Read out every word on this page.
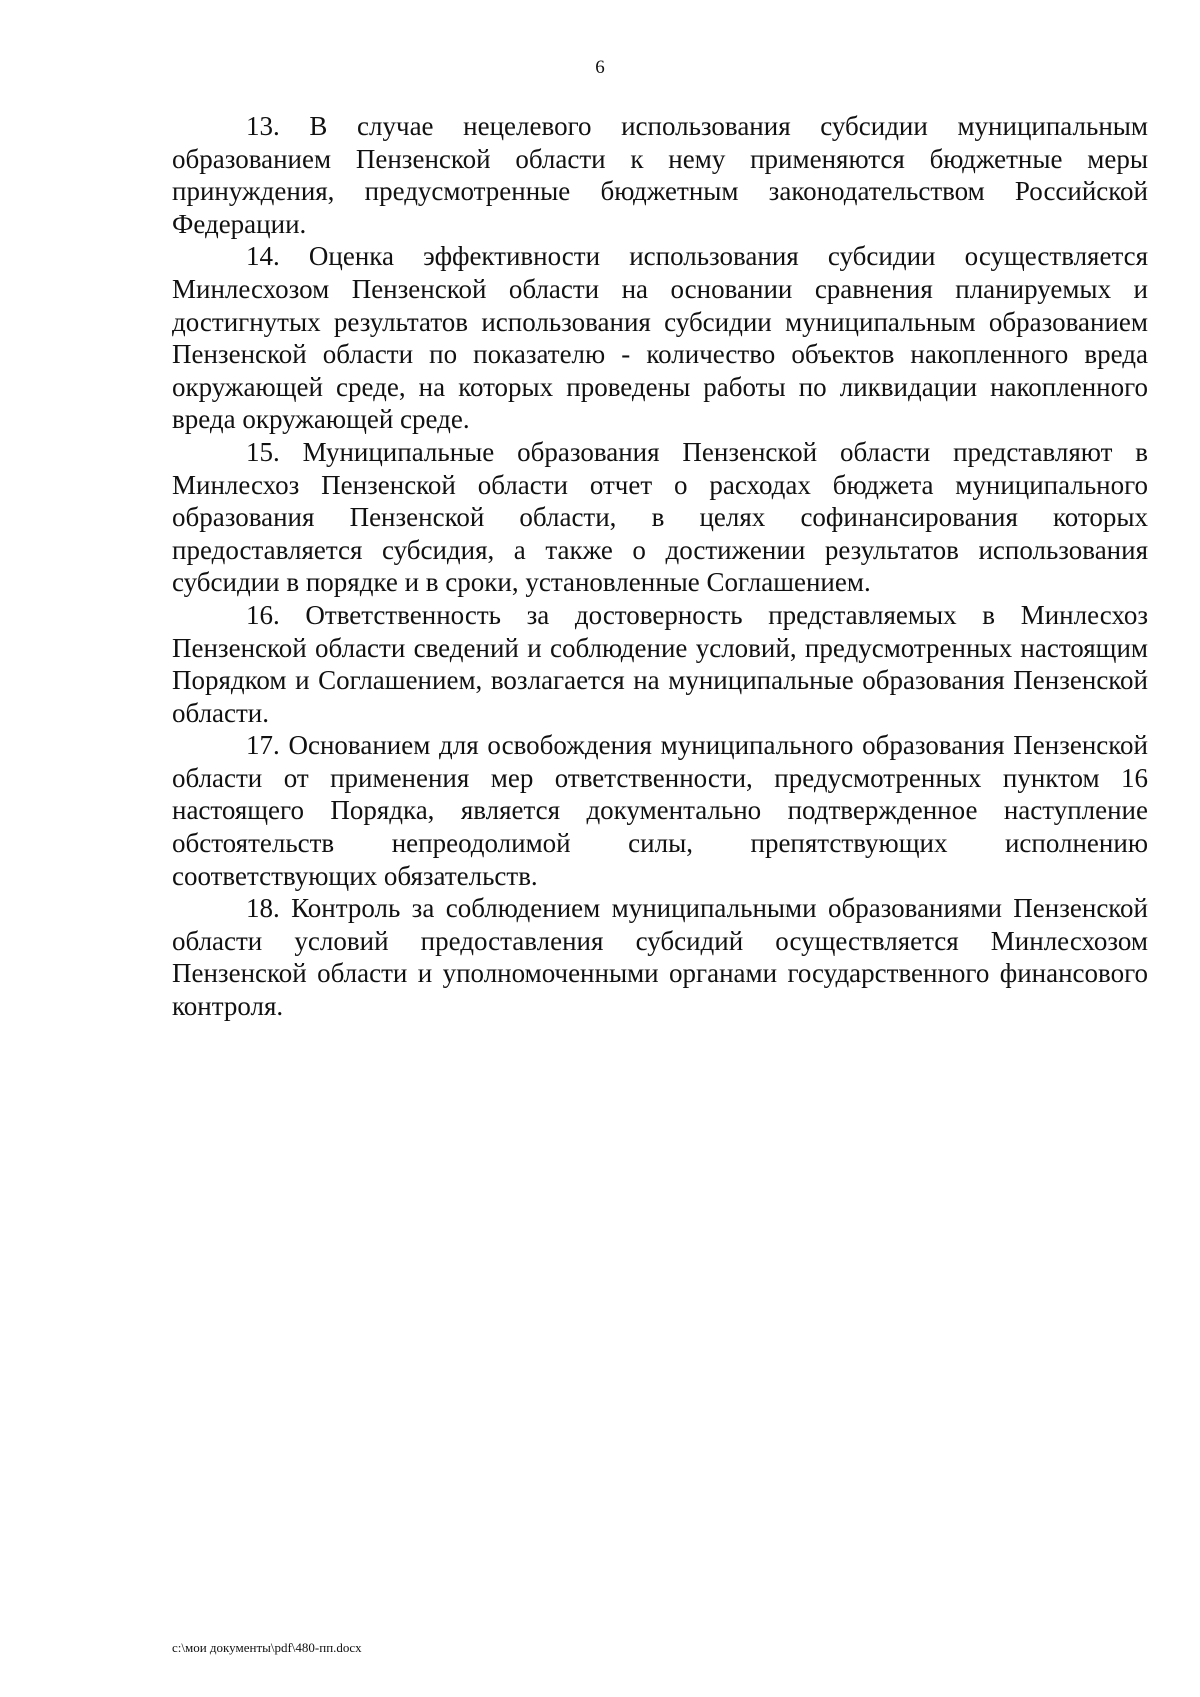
6

13. В случае нецелевого использования субсидии муниципальным образованием Пензенской области к нему применяются бюджетные меры принуждения, предусмотренные бюджетным законодательством Российской Федерации.

14. Оценка эффективности использования субсидии осуществляется Минлесхозом Пензенской области на основании сравнения планируемых и достигнутых результатов использования субсидии муниципальным образованием Пензенской области по показателю - количество объектов накопленного вреда окружающей среде, на которых проведены работы по ликвидации накопленного вреда окружающей среде.

15. Муниципальные образования Пензенской области представляют в Минлесхоз Пензенской области отчет о расходах бюджета муниципального образования Пензенской области, в целях софинансирования которых предоставляется субсидия, а также о достижении результатов использования субсидии в порядке и в сроки, установленные Соглашением.

16. Ответственность за достоверность представляемых в Минлесхоз Пензенской области сведений и соблюдение условий, предусмотренных настоящим Порядком и Соглашением, возлагается на муниципальные образования Пензенской области.

17. Основанием для освобождения муниципального образования Пензенской области от применения мер ответственности, предусмотренных пунктом 16 настоящего Порядка, является документально подтвержденное наступление обстоятельств непреодолимой силы, препятствующих исполнению соответствующих обязательств.

18. Контроль за соблюдением муниципальными образованиями Пензенской области условий предоставления субсидий осуществляется Минлесхозом Пензенской области и уполномоченными органами государственного финансового контроля.

с:\мои документы\pdf\480-пп.docx
